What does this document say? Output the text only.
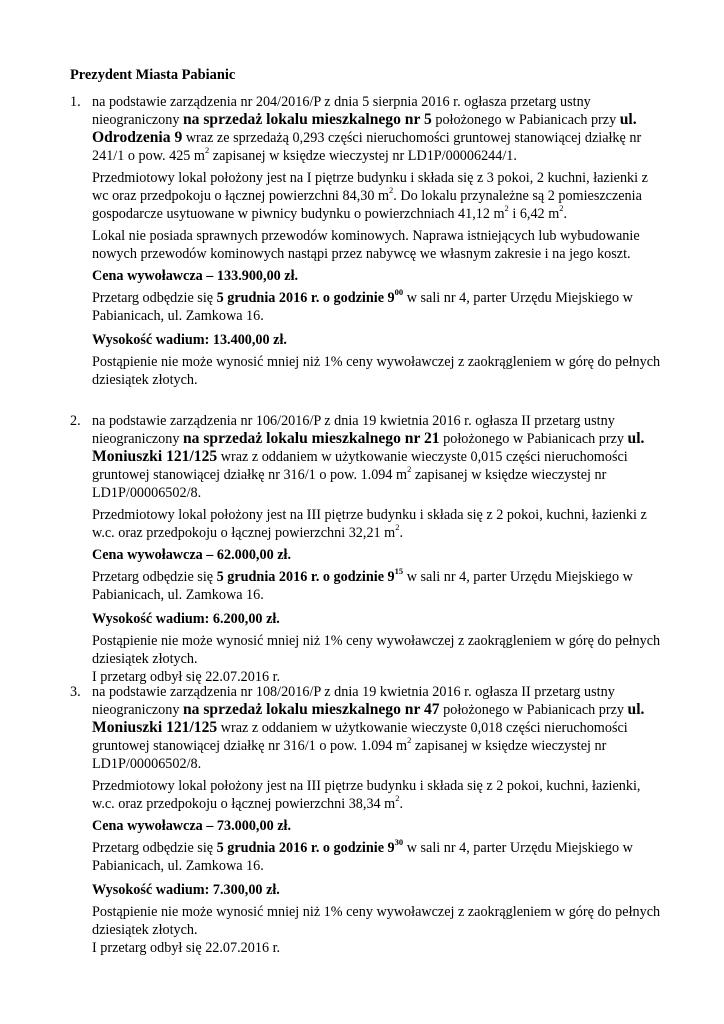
Prezydent Miasta Pabianic
1. na podstawie zarządzenia nr 204/2016/P z dnia 5 sierpnia 2016 r. ogłasza przetarg ustny nieograniczony na sprzedaż lokalu mieszkalnego nr 5 położonego w Pabianicach przy ul. Odrodzenia 9 wraz ze sprzedażą 0,293 części nieruchomości gruntowej stanowiącej działkę nr 241/1 o pow. 425 $m^2$ zapisanej w księdze wieczystej nr LD1P/00006244/1.

Przedmiotowy lokal położony jest na I piętrze budynku i składa się z 3 pokoi, 2 kuchni, łazienki z wc oraz przedpokoju o łącznej powierzchni 84,30 $m^2$. Do lokalu przynależne są 2 pomieszczenia gospodarcze usytuowane w piwnicy budynku o powierzchniach 41,12 $m^2$ i 6,42 $m^2$.

Lokal nie posiada sprawnych przewodów kominowych. Naprawa istniejących lub wybudowanie nowych przewodów kominowych nastąpi przez nabywcę we własnym zakresie i na jego koszt.

Cena wywoławcza – 133.900,00 zł.

Przetarg odbędzie się 5 grudnia 2016 r. o godzinie $9^{00}$ w sali nr 4, parter Urzędu Miejskiego w Pabianicach, ul. Zamkowa 16.

Wysokość wadium: 13.400,00 zł.

Postąpienie nie może wynosić mniej niż 1% ceny wywoławczej z zaokrągleniem w górę do pełnych dziesiątek złotych.

2. na podstawie zarządzenia nr 106/2016/P z dnia 19 kwietnia 2016 r. ogłasza II przetarg ustny nieograniczony na sprzedaż lokalu mieszkalnego nr 21 położonego w Pabianicach przy ul. Moniuszki 121/125 wraz z oddaniem w użytkowanie wieczyste 0,015 części nieruchomości gruntowej stanowiącej działkę nr 316/1 o pow. 1.094 $m^2$ zapisanej w księdze wieczystej nr LD1P/00006502/8.

Przedmiotowy lokal położony jest na III piętrze budynku i składa się z 2 pokoi, kuchni, łazienki z w.c. oraz przedpokoju o łącznej powierzchni 32,21 $m^2$.

Cena wywoławcza – 62.000,00 zł.

Przetarg odbędzie się 5 grudnia 2016 r. o godzinie $9^{15}$ w sali nr 4, parter Urzędu Miejskiego w Pabianicach, ul. Zamkowa 16.

Wysokość wadium: 6.200,00 zł.

Postąpienie nie może wynosić mniej niż 1% ceny wywoławczej z zaokrągleniem w górę do pełnych dziesiątek złotych.

I przetarg odbył się 22.07.2016 r.

3. na podstawie zarządzenia nr 108/2016/P z dnia 19 kwietnia 2016 r. ogłasza II przetarg ustny nieograniczony na sprzedaż lokalu mieszkalnego nr 47 położonego w Pabianicach przy ul. Moniuszki 121/125 wraz z oddaniem w użytkowanie wieczyste 0,018 części nieruchomości gruntowej stanowiącej działkę nr 316/1 o pow. 1.094 $m^2$ zapisanej w księdze wieczystej nr LD1P/00006502/8.

Przedmiotowy lokal położony jest na III piętrze budynku i składa się z 2 pokoi, kuchni, łazienki, w.c. oraz przedpokoju o łącznej powierzchni 38,34 $m^2$.

Cena wywoławcza – 73.000,00 zł.

Przetarg odbędzie się 5 grudnia 2016 r. o godzinie $9^{30}$ w sali nr 4, parter Urzędu Miejskiego w Pabianicach, ul. Zamkowa 16.

Wysokość wadium: 7.300,00 zł.

Postąpienie nie może wynosić mniej niż 1% ceny wywoławczej z zaokrągleniem w górę do pełnych dziesiątek złotych.

I przetarg odbył się 22.07.2016 r.
